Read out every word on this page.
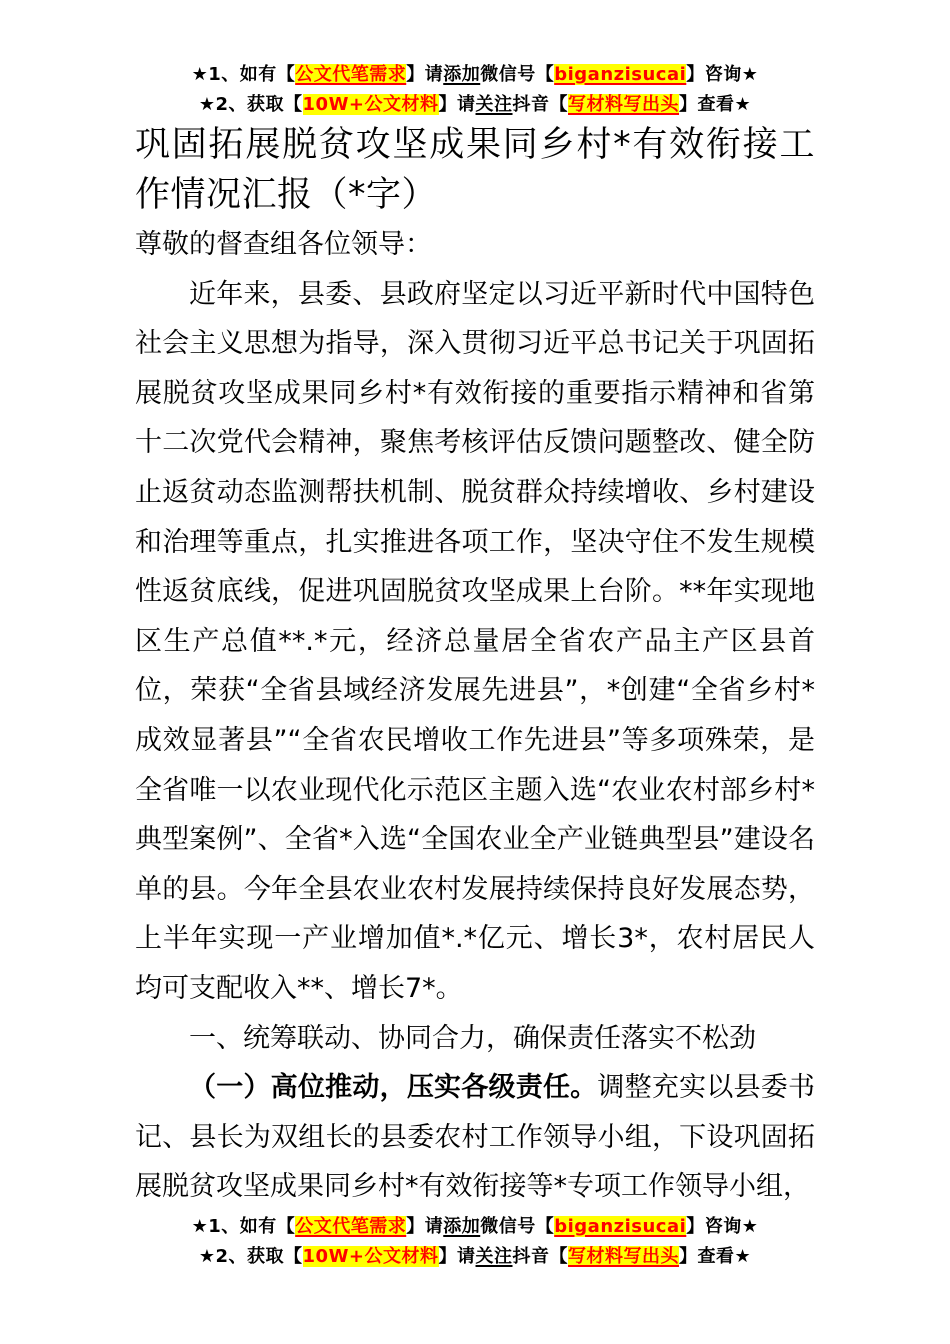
★1、如有【公文代笔需求】请添加微信号【biganzisucai】咨询★
★2、获取【10W+公文材料】请关注抖音【写材料写出头】查看★
巩固拓展脱贫攻坚成果同乡村*有效衔接工作情况汇报（*字）

尊敬的督查组各位领导：

近年来，县委、县政府坚定以习近平新时代中国特色社会主义思想为指导，深入贯彻习近平总书记关于巩固拓展脱贫攻坚成果同乡村*有效衔接的重要指示精神和省第十二次党代会精神，聚焦考核评估反馈问题整改、健全防止返贫动态监测帮扶机制、脱贫群众持续增收、乡村建设和治理等重点，扎实推进各项工作，坚决守住不发生规模性返贫底线，促进巩固脱贫攻坚成果上台阶。**年实现地区生产总值**.*元，经济总量居全省农产品主产区县首位，荣获“全省县域经济发展先进县”，*创建“全省乡村*成效显著县”“全省农民增收工作先进县”等多项殊荣，是全省唯一以农业现代化示范区主题入选“农业农村部乡村*典型案例”、全省*入选“全国农业全产业链典型县”建设名单的县。今年全县农业农村发展持续保持良好发展态势，上半年实现一产业增加值*.*亿元、增长3*，农村居民人均可支配收入**、增长7*。

一、统筹联动、协同合力，确保责任落实不松劲

（一）高位推动，压实各级责任。调整充实以县委书记、县长为双组长的县委农村工作领导小组，下设巩固拓展脱贫攻坚成果同乡村*有效衔接等*专项工作领导小组，

★1、如有【公文代笔需求】请添加微信号【biganzisucai】咨询★
★2、获取【10W+公文材料】请关注抖音【写材料写出头】查看★
